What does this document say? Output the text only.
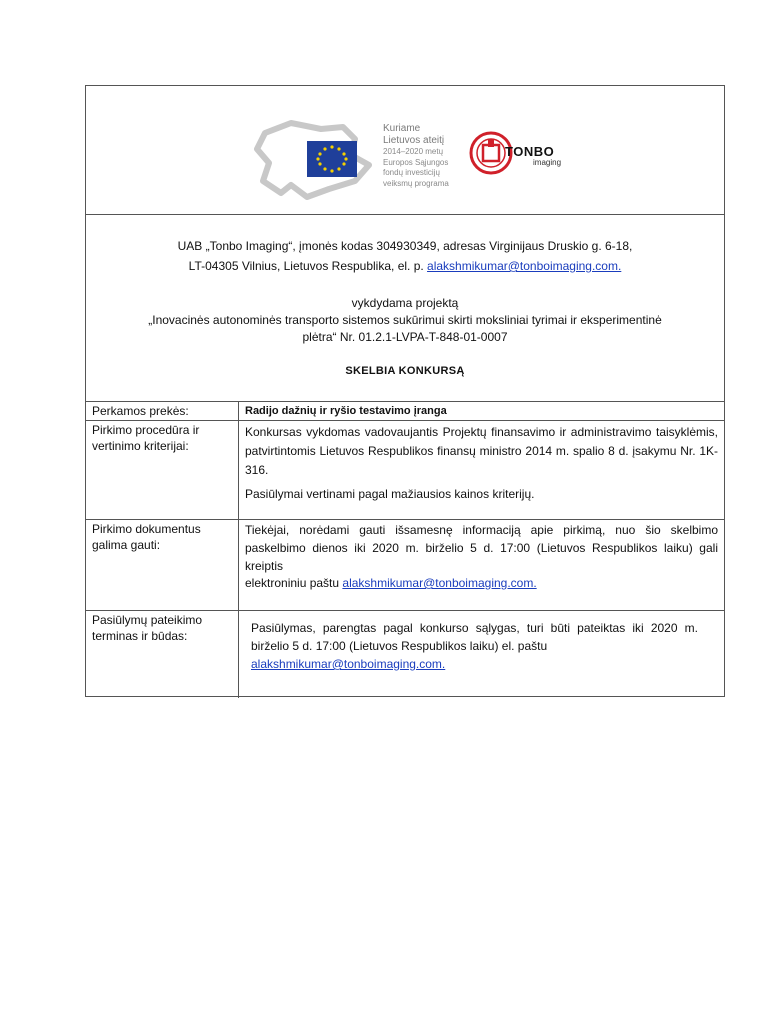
Kuriame
Lietuvos ateitį
2014–2020 metų
Europos Sąjungos
fondų investicijų
veiksmų programa
TONBO
imaging
UAB „Tonbo Imaging“, įmonės kodas 304930349, adresas Virginijaus Druskio g. 6-18,
LT-04305 Vilnius, Lietuvos Respublika, el. p. alakshmikumar@tonboimaging.com.
vykdydama projektą
„Inovacinės autonominės transporto sistemos sukūrimui skirti moksliniai tyrimai ir eksperimentinė
plėtra“ Nr. 01.2.1-LVPA-T-848-01-0007
SKELBIA KONKURSĄ
Perkamos prekės:	Radijo dažnių ir ryšio testavimo įranga
Pirkimo procedūra ir vertinimo kriterijai:	Konkursas vykdomas vadovaujantis Projektų finansavimo ir administravimo taisyklėmis, patvirtintomis Lietuvos Respublikos finansų ministro 2014 m. spalio 8 d. įsakymu Nr. 1K-316.

Pasiūlymai vertinami pagal mažiausios kainos kriterijų.

Pirkimo dokumentus galima gauti:	Tiekėjai, norėdami gauti išsamesnę informaciją apie pirkimą, nuo šio skelbimo paskelbimo dienos iki 2020 m. birželio 5 d. 17:00 (Lietuvos Respublikos laiku) gali kreiptis

elektroniniu paštu alakshmikumar@tonboimaging.com.

Pasiūlymų pateikimo terminas ir būdas:	Pasiūlymas, parengtas pagal konkurso sąlygas, turi būti pateiktas iki 2020 m. birželio 5 d. 17:00 (Lietuvos Respublikos laiku) el. paštu

alakshmikumar@tonboimaging.com.
